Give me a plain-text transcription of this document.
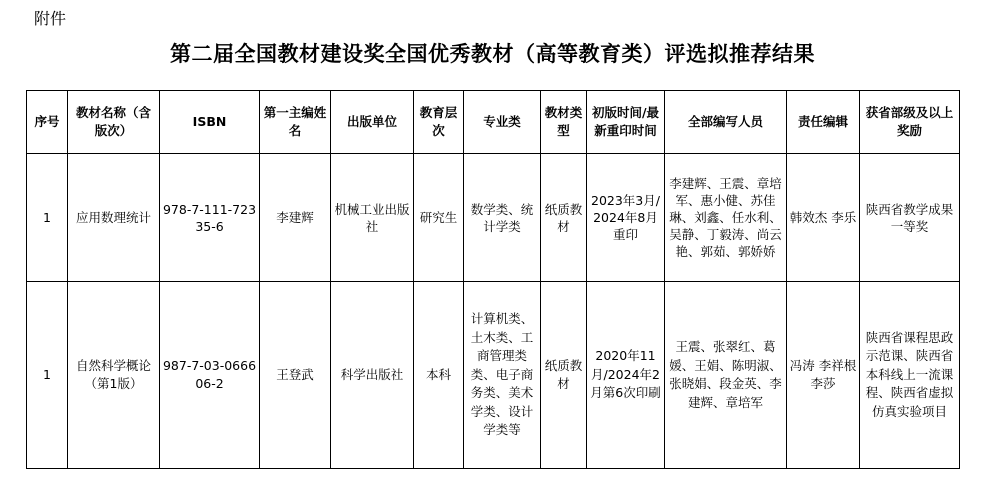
附件
第二届全国教材建设奖全国优秀教材（高等教育类）评选拟推荐结果
序号	教材名称（含版次）	ISBN	第一主编姓名	出版单位	教育层次	专业类	教材类型	初版时间/最新重印时间	全部编写人员	责任编辑	获省部级及以上奖励
1	应用数理统计	978-7-111-72335-6	李建辉	机械工业出版社	研究生	数学类、统计学类	纸质教材	2023年3月/2024年8月重印	李建辉、王震、章培军、惠小健、苏佳琳、刘鑫、任水利、吴静、丁毅涛、尚云艳、郭茹、郭娇娇	韩效杰 李乐	陕西省教学成果一等奖
1	自然科学概论（第1版）	987-7-03-066606-2	王登武	科学出版社	本科	计算机类、土木类、工商管理类类、电子商务类、美术学类、设计学类等	纸质教材	2020年11月/2024年2月第6次印刷	王震、张翠红、葛媛、王娟、陈明淑、张晓娟、段金英、李建辉、章培军	冯涛 李祥根 李莎	陕西省课程思政示范课、陕西省本科线上一流课程、陕西省虚拟仿真实验项目
